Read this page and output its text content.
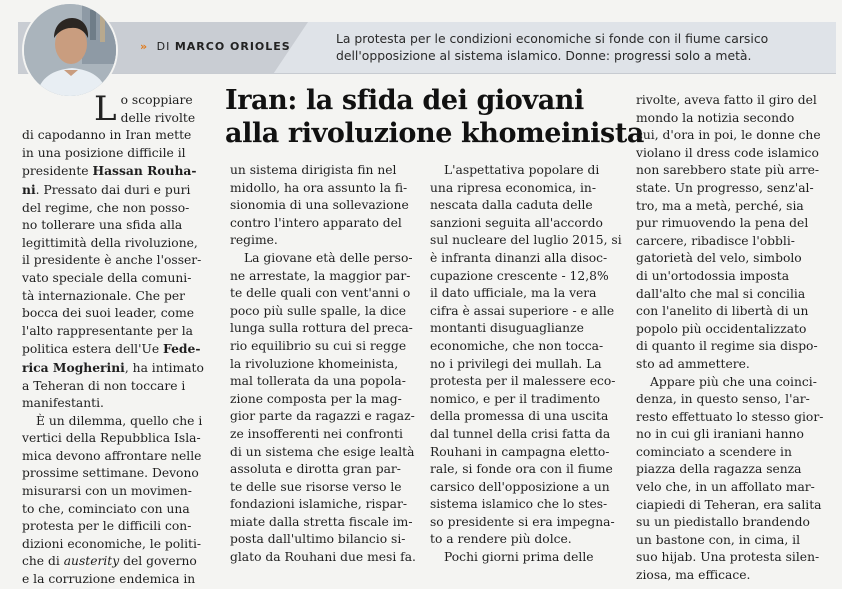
» DI MARCO ORIOLES
La protesta per le condizioni economiche si fonde con il fiume carsico dell'opposizione al sistema islamico. Donne: progressi solo a metà.
Iran: la sfida dei giovani
alla rivoluzione khomeinista
L o scoppiare
delle rivolte
di capodanno in Iran mette
in una posizione difficile il
presidente Hassan Rouha-
ni. Pressato dai duri e puri
del regime, che non posso-
no tollerare una sfida alla
legittimità della rivoluzione,
il presidente è anche l'osser-
vato speciale della comuni-
tà internazionale. Che per
bocca dei suoi leader, come
l'alto rappresentante per la
politica estera dell'Ue Fede-
rica Mogherini, ha intimato
a Teheran di non toccare i
manifestanti.
È un dilemma, quello che i
vertici della Repubblica Isla-
mica devono affrontare nelle
prossime settimane. Devono
misurarsi con un movimen-
to che, cominciato con una
protesta per le difficili con-
dizioni economiche, le politi-
che di austerity del governo
e la corruzione endemica in
un sistema dirigista fin nel
midollo, ha ora assunto la fi-
sionomia di una sollevazione
contro l'intero apparato del
regime.
La giovane età delle perso-
ne arrestate, la maggior par-
te delle quali con vent'anni o
poco più sulle spalle, la dice
lunga sulla rottura del preca-
rio equilibrio su cui si regge
la rivoluzione khomeinista,
mal tollerata da una popola-
zione composta per la mag-
gior parte da ragazzi e ragaz-
ze insofferenti nei confronti
di un sistema che esige lealtà
assoluta e dirotta gran par-
te delle sue risorse verso le
fondazioni islamiche, rispar-
miate dalla stretta fiscale im-
posta dall'ultimo bilancio si-
glato da Rouhani due mesi fa.
L'aspettativa popolare di
una ripresa economica, in-
nescata dalla caduta delle
sanzioni seguita all'accordo
sul nucleare del luglio 2015, si
è infranta dinanzi alla disoc-
cupazione crescente - 12,8%
il dato ufficiale, ma la vera
cifra è assai superiore - e alle
montanti disuguaglianze
economiche, che non tocca-
no i privilegi dei mullah. La
protesta per il malessere eco-
nomico, e per il tradimento
della promessa di una uscita
dal tunnel della crisi fatta da
Rouhani in campagna eletto-
rale, si fonde ora con il fiume
carsico dell'opposizione a un
sistema islamico che lo stes-
so presidente si era impegna-
to a rendere più dolce.
Pochi giorni prima delle
rivolte, aveva fatto il giro del
mondo la notizia secondo
cui, d'ora in poi, le donne che
violano il dress code islamico
non sarebbero state più arre-
state. Un progresso, senz'al-
tro, ma a metà, perché, sia
pur rimuovendo la pena del
carcere, ribadisce l'obbli-
gatorietà del velo, simbolo
di un'ortodossia imposta
dall'alto che mal si concilia
con l'anelito di libertà di un
popolo più occidentalizzato
di quanto il regime sia dispo-
sto ad ammettere.
Appare più che una coinci-
denza, in questo senso, l'ar-
resto effettuato lo stesso gior-
no in cui gli iraniani hanno
cominciato a scendere in
piazza della ragazza senza
velo che, in un affollato mar-
ciapiedi di Teheran, era salita
su un piedistallo brandendo
un bastone con, in cima, il
suo hijab. Una protesta silen-
ziosa, ma efficace.
